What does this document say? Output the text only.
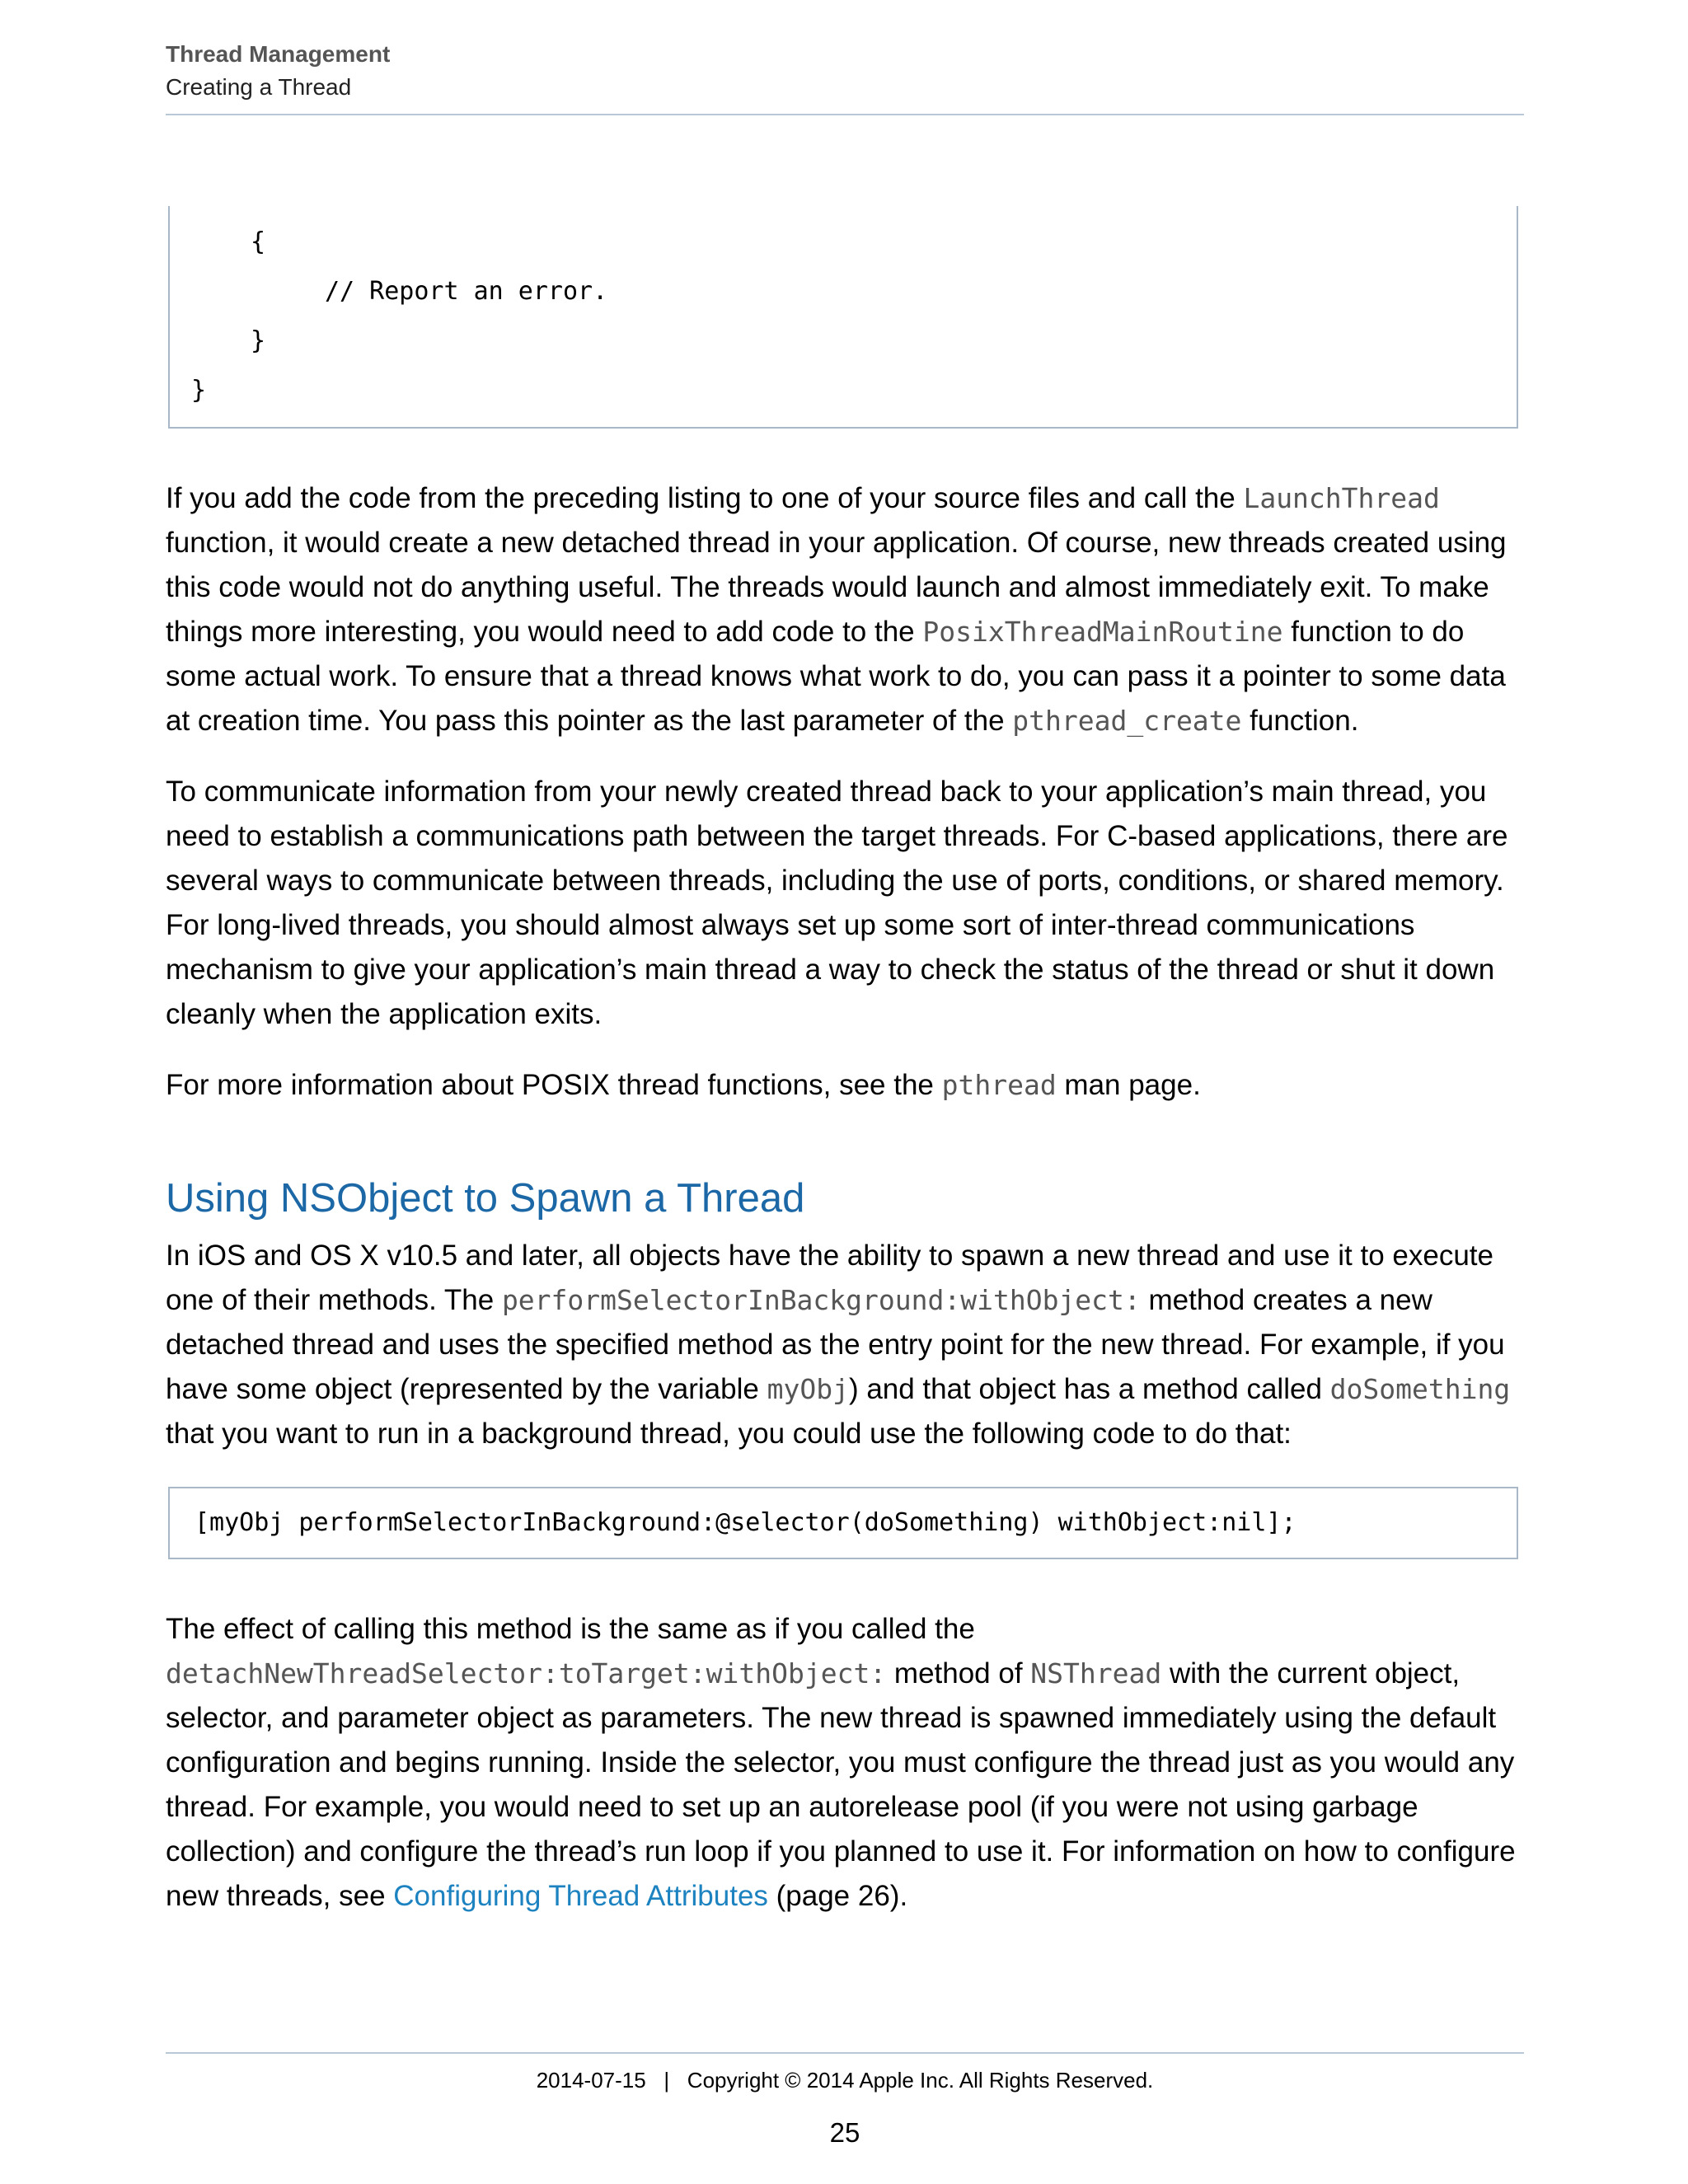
Thread Management
Creating a Thread
{
// Report an error.
}
}

If you add the code from the preceding listing to one of your source files and call the LaunchThread function, it would create a new detached thread in your application. Of course, new threads created using this code would not do anything useful. The threads would launch and almost immediately exit. To make things more interesting, you would need to add code to the PosixThreadMainRoutine function to do some actual work. To ensure that a thread knows what work to do, you can pass it a pointer to some data at creation time. You pass this pointer as the last parameter of the pthread_create function.

To communicate information from your newly created thread back to your application’s main thread, you need to establish a communications path between the target threads. For C-based applications, there are several ways to communicate between threads, including the use of ports, conditions, or shared memory. For long-lived threads, you should almost always set up some sort of inter-thread communications mechanism to give your application’s main thread a way to check the status of the thread or shut it down cleanly when the application exits.

For more information about POSIX thread functions, see the pthread man page.

Using NSObject to Spawn a Thread

In iOS and OS X v10.5 and later, all objects have the ability to spawn a new thread and use it to execute one of their methods. The performSelectorInBackground:withObject: method creates a new detached thread and uses the specified method as the entry point for the new thread. For example, if you have some object (represented by the variable myObj) and that object has a method called doSomething that you want to run in a background thread, you could use the following code to do that:

[myObj performSelectorInBackground:@selector(doSomething) withObject:nil];

The effect of calling this method is the same as if you called the detachNewThreadSelector:toTarget:withObject: method of NSThread with the current object, selector, and parameter object as parameters. The new thread is spawned immediately using the default configuration and begins running. Inside the selector, you must configure the thread just as you would any thread. For example, you would need to set up an autorelease pool (if you were not using garbage collection) and configure the thread’s run loop if you planned to use it. For information on how to configure new threads, see Configuring Thread Attributes (page 26).

2014-07-15   |   Copyright © 2014 Apple Inc. All Rights Reserved.
25
